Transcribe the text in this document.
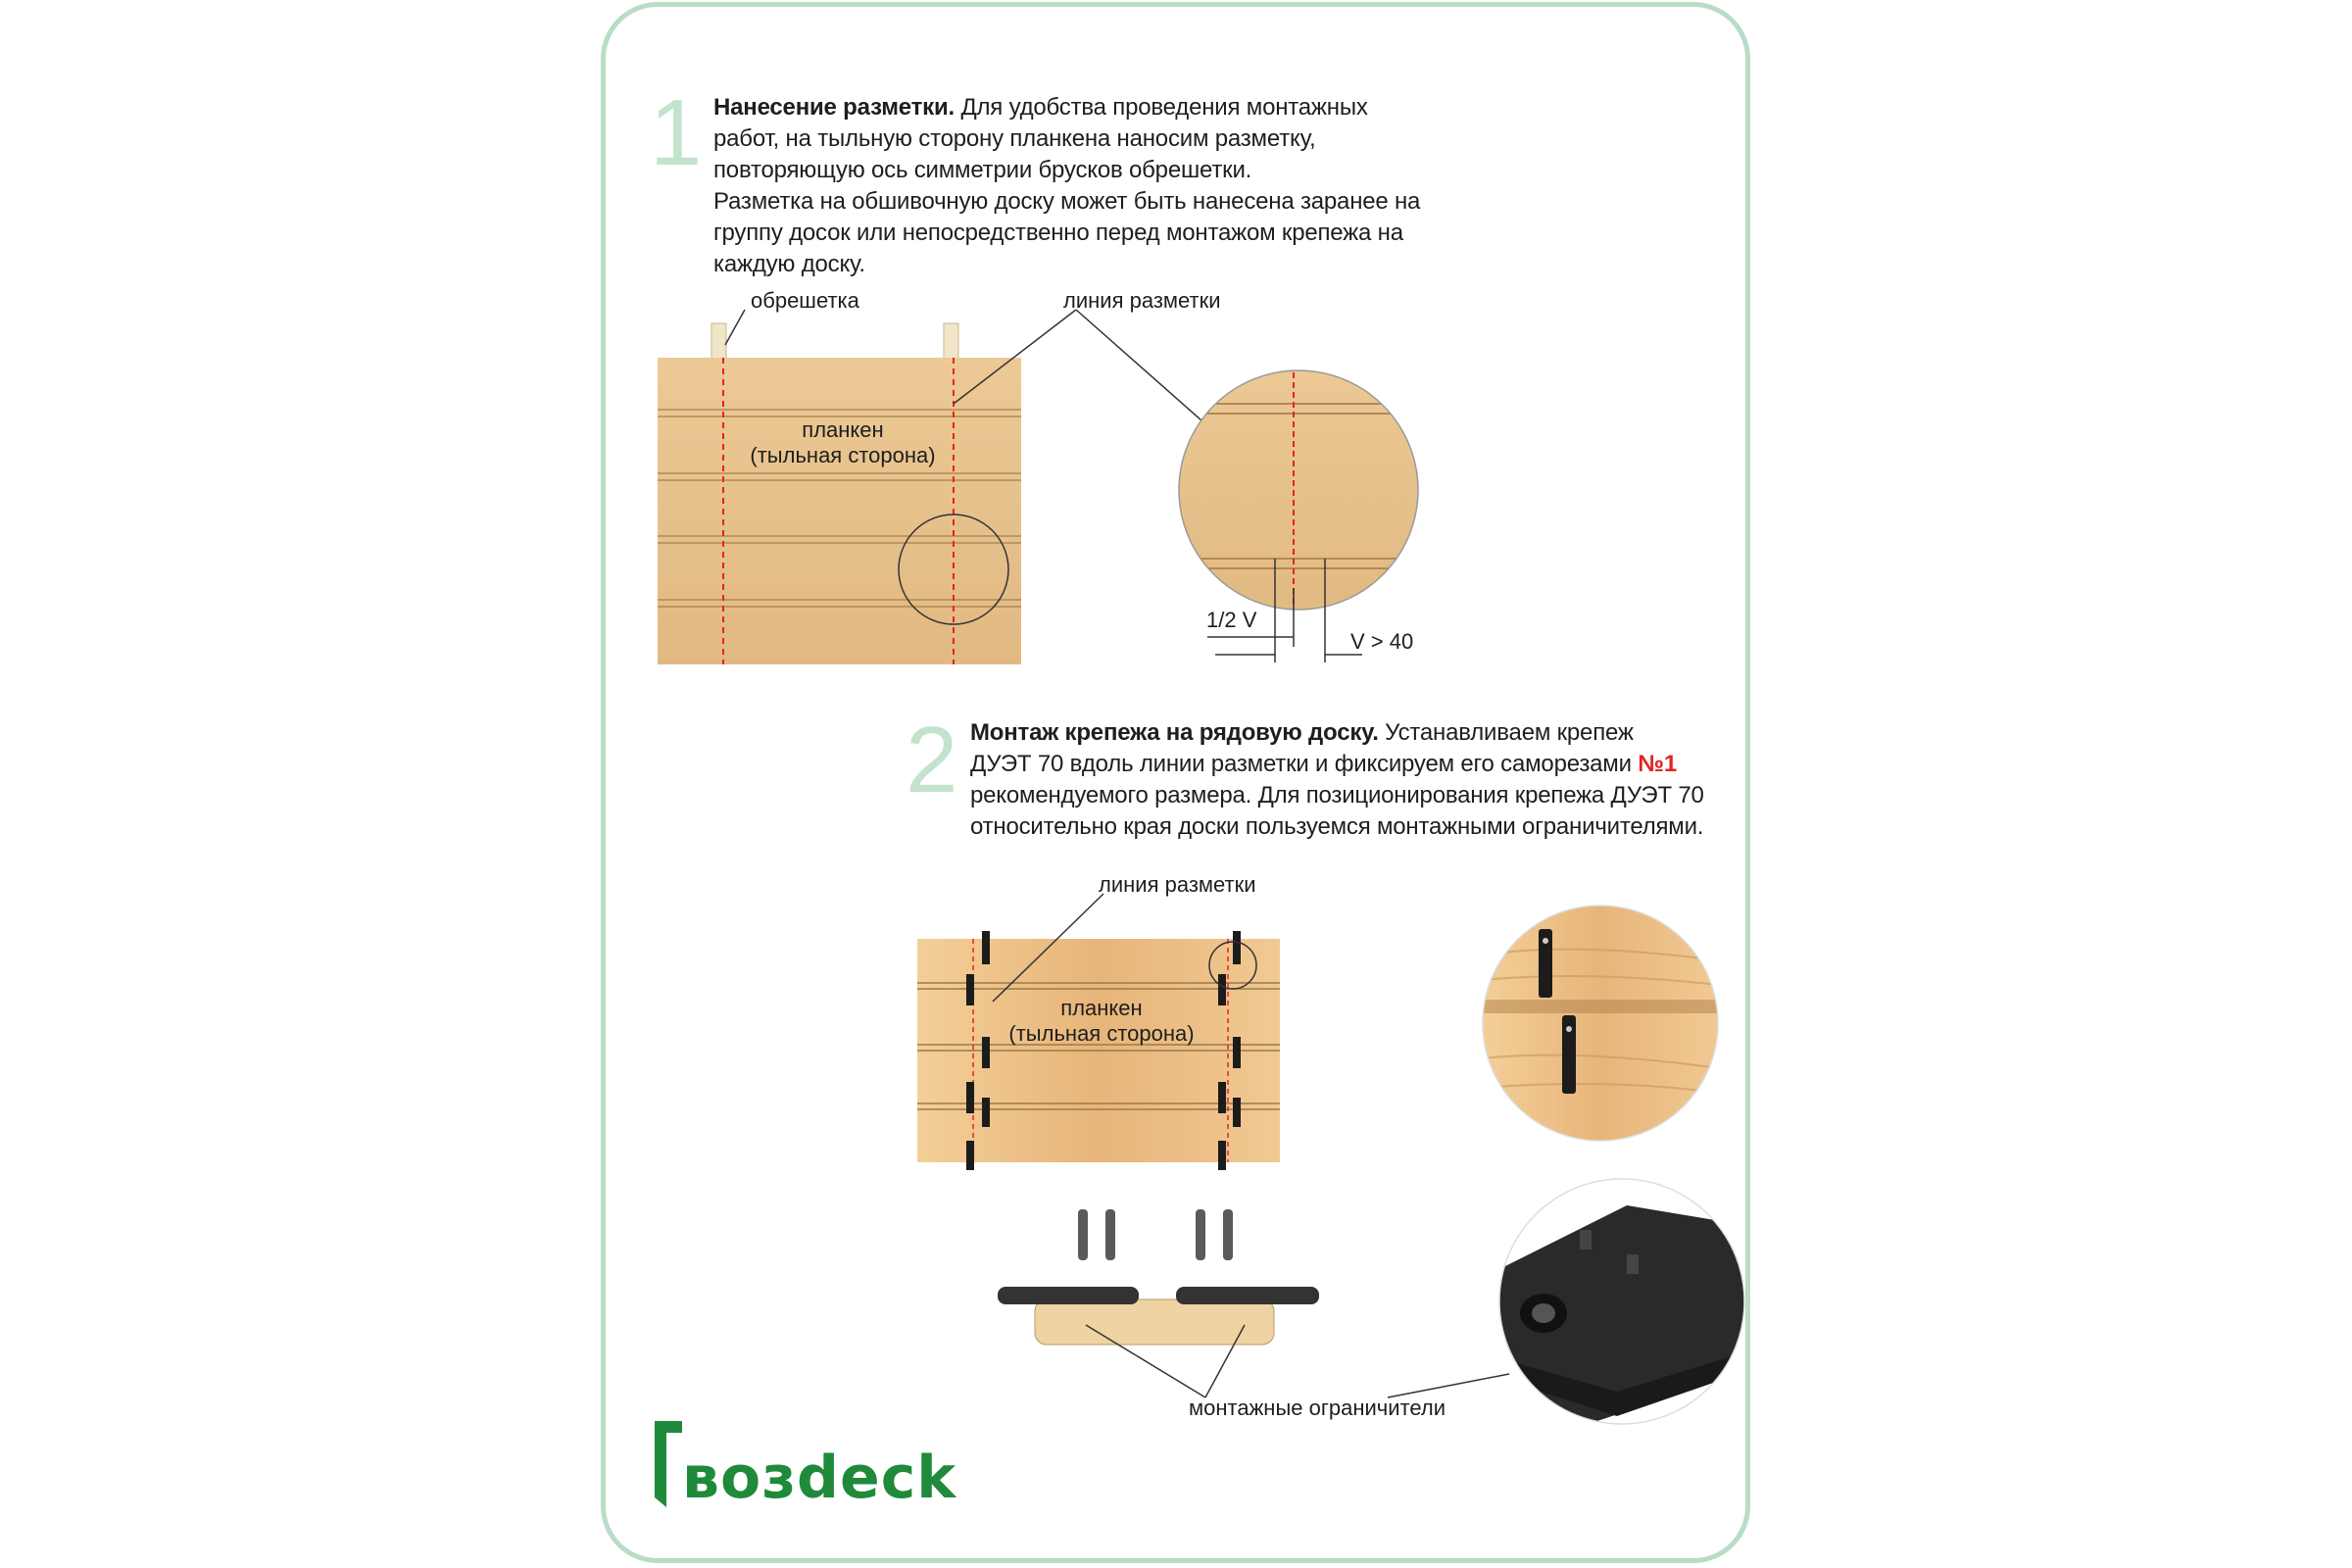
1 Нанесение разметки. Для удобства проведения монтажных
работ, на тыльную сторону планкена наносим разметку,
повторяющую ось симметрии брусков обрешетки.
Разметка на обшивочную доску может быть нанесена заранее на
группу досок или непосредственно перед монтажом крепежа на
каждую доску.
обрешетка	линия разметки
планкен
(тыльная сторона)
1/2 V
V > 40
2 Монтаж крепежа на рядовую доску. Устанавливаем крепеж
ДУЭТ 70 вдоль линии разметки и фиксируем его саморезами №1
рекомендуемого размера. Для позиционирования крепежа ДУЭТ 70
относительно края доски пользуемся монтажными ограничителями.
линия разметки
планкен
(тыльная сторона)
монтажные ограничители
возdeck
